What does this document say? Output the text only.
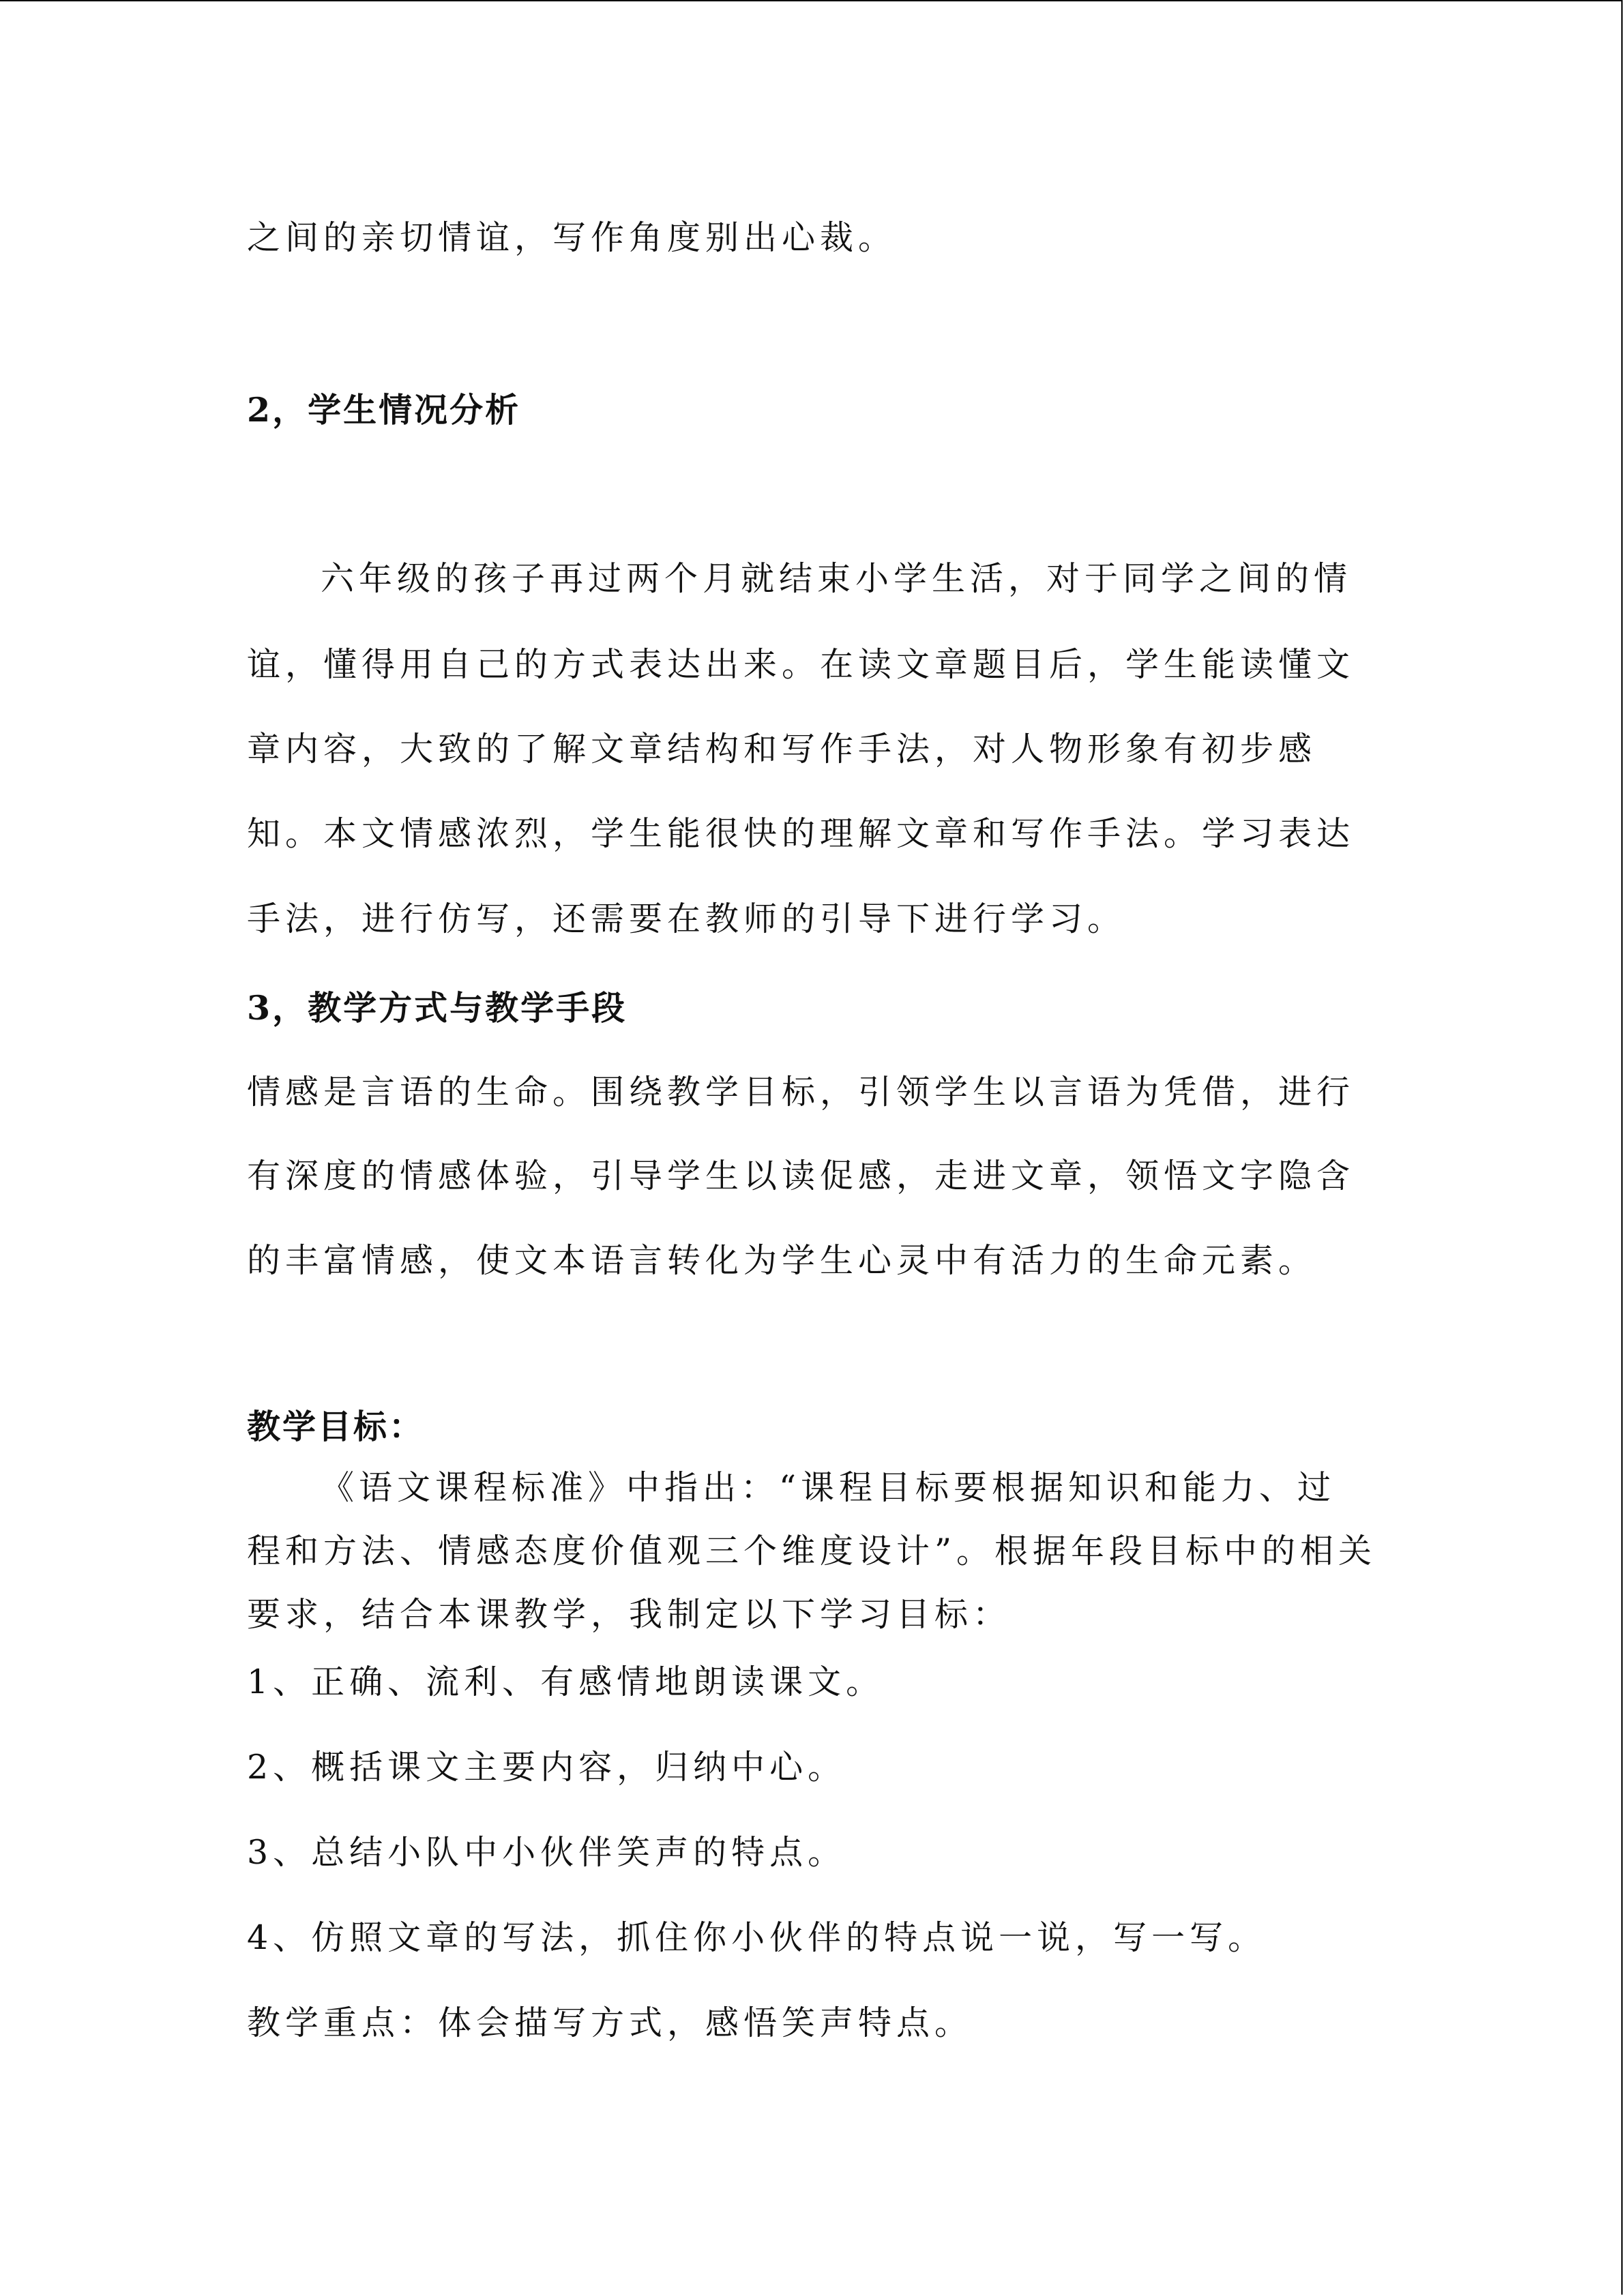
之间的亲切情谊，写作角度别出心裁。
2，学生情况分析
六年级的孩子再过两个月就结束小学生活，对于同学之间的情
谊，懂得用自己的方式表达出来。在读文章题目后，学生能读懂文
章内容，大致的了解文章结构和写作手法，对人物形象有初步感
知。本文情感浓烈，学生能很快的理解文章和写作手法。学习表达
手法，进行仿写，还需要在教师的引导下进行学习。
3，教学方式与教学手段
情感是言语的生命。围绕教学目标，引领学生以言语为凭借，进行
有深度的情感体验，引导学生以读促感，走进文章，领悟文字隐含
的丰富情感，使文本语言转化为学生心灵中有活力的生命元素。
教学目标：
《语文课程标准》中指出：“课程目标要根据知识和能力、过
程和方法、情感态度价值观三个维度设计”。根据年段目标中的相关
要求，结合本课教学，我制定以下学习目标：
1、正确、流利、有感情地朗读课文。
2、概括课文主要内容，归纳中心。
3、总结小队中小伙伴笑声的特点。
4、仿照文章的写法，抓住你小伙伴的特点说一说，写一写。
教学重点：体会描写方式，感悟笑声特点。
